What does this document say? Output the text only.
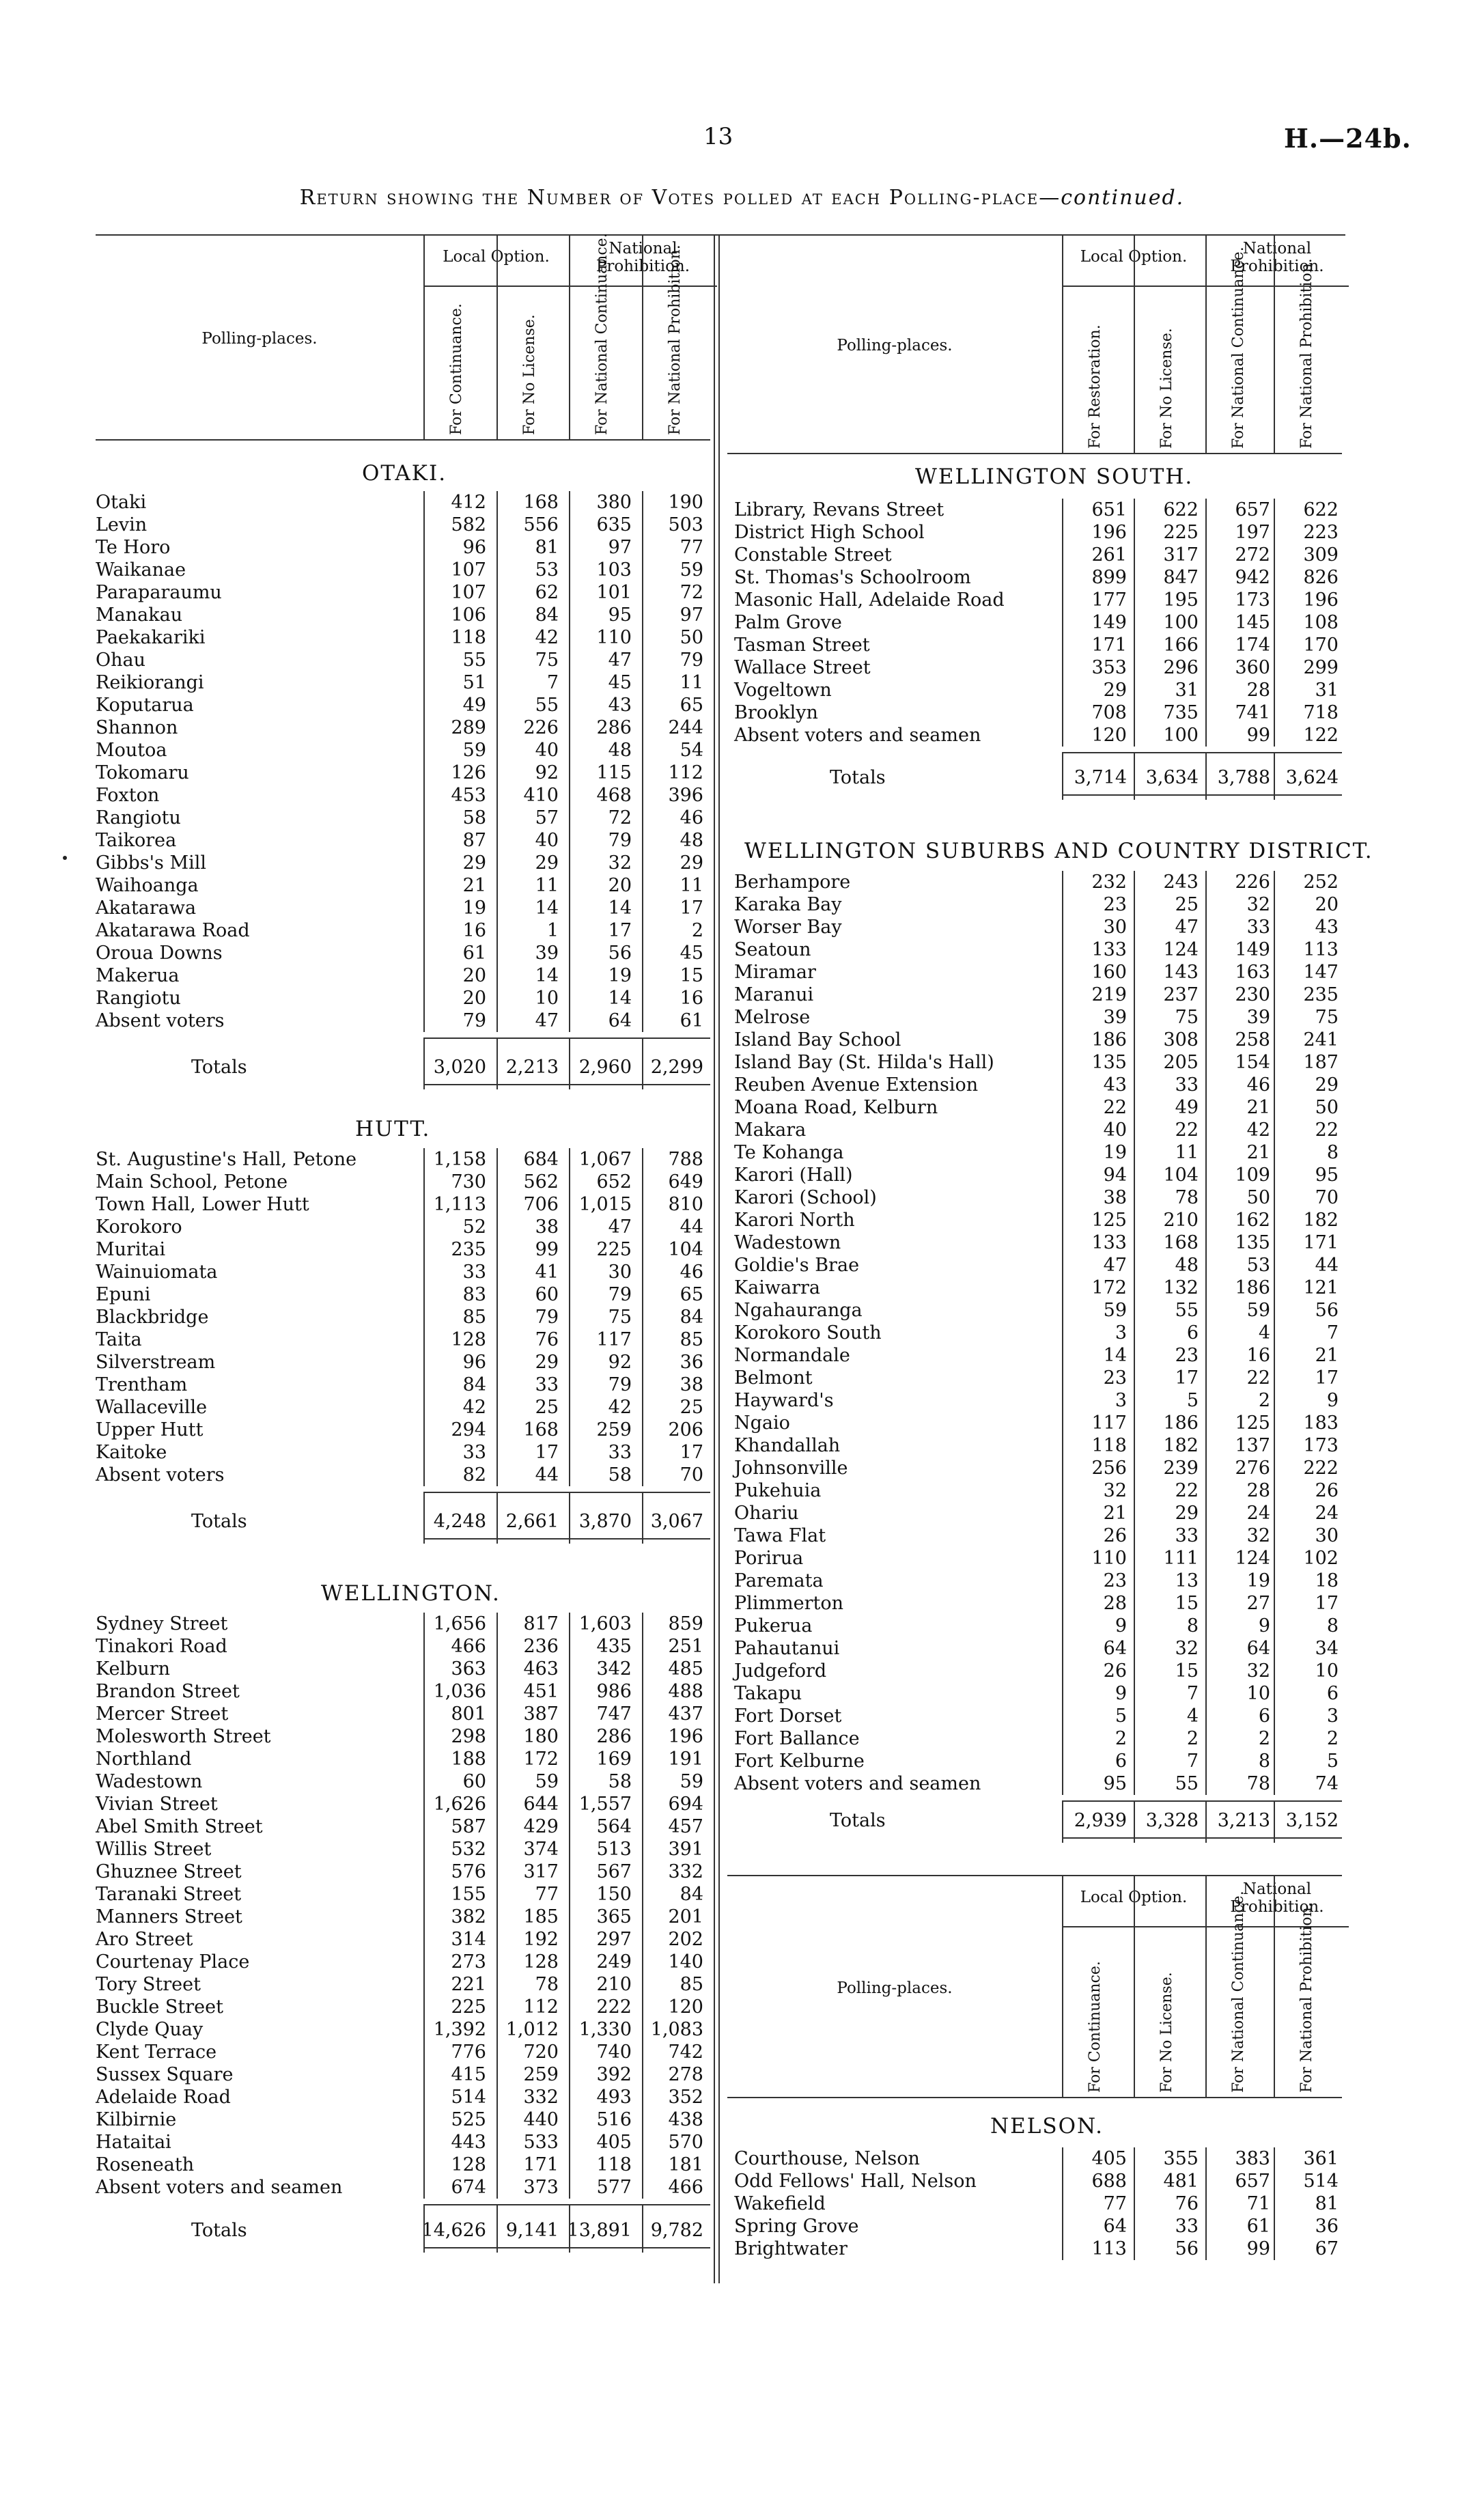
13	H.—24b.
Return showing the Number of Votes polled at each Polling-place—continued.
Local Option.	National Prohibition.
Polling-places.	For Continuance.	For No License.	For National Continuance.	For National Prohibition.
OTAKI.
Otaki	412	168	380	190
Levin	582	556	635	503
Te Horo	96	81	97	77
Waikanae	107	53	103	59
Paraparaumu	107	62	101	72
Manakau	106	84	95	97
Paekakariki	118	42	110	50
Ohau	55	75	47	79
Reikiorangi	51	7	45	11
Koputarua	49	55	43	65
Shannon	289	226	286	244
Moutoa	59	40	48	54
Tokomaru	126	92	115	112
Foxton	453	410	468	396
Rangiotu	58	57	72	46
Taikorea	87	40	79	48
Gibbs's Mill	29	29	32	29
Waihoanga	21	11	20	11
Akatarawa	19	14	14	17
Akatarawa Road	16	1	17	2
Oroua Downs	61	39	56	45
Makerua	20	14	19	15
Rangiotu	20	10	14	16
Absent voters	79	47	64	61
Totals	3,020	2,213	2,960	2,299
HUTT.
St. Augustine's Hall, Petone	1,158	684	1,067	788
Main School, Petone	730	562	652	649
Town Hall, Lower Hutt	1,113	706	1,015	810
Korokoro	52	38	47	44
Muritai	235	99	225	104
Wainuiomata	33	41	30	46
Epuni	83	60	79	65
Blackbridge	85	79	75	84
Taita	128	76	117	85
Silverstream	96	29	92	36
Trentham	84	33	79	38
Wallaceville	42	25	42	25
Upper Hutt	294	168	259	206
Kaitoke	33	17	33	17
Absent voters	82	44	58	70
Totals	4,248	2,661	3,870	3,067
WELLINGTON.
Sydney Street	1,656	817	1,603	859
Tinakori Road	466	236	435	251
Kelburn	363	463	342	485
Brandon Street	1,036	451	986	488
Mercer Street	801	387	747	437
Molesworth Street	298	180	286	196
Northland	188	172	169	191
Wadestown	60	59	58	59
Vivian Street	1,626	644	1,557	694
Abel Smith Street	587	429	564	457
Willis Street	532	374	513	391
Ghuznee Street	576	317	567	332
Taranaki Street	155	77	150	84
Manners Street	382	185	365	201
Aro Street	314	192	297	202
Courtenay Place	273	128	249	140
Tory Street	221	78	210	85
Buckle Street	225	112	222	120
Clyde Quay	1,392	1,012	1,330	1,083
Kent Terrace	776	720	740	742
Sussex Square	415	259	392	278
Adelaide Road	514	332	493	352
Kilbirnie	525	440	516	438
Hataitai	443	533	405	570
Roseneath	128	171	118	181
Absent voters and seamen	674	373	577	466
Totals	14,626	9,141 13,891	9,782
Local Option.	National Prohibition.
Polling-places.	For Restoration.	For No License.	For National Continuance.	For National Prohibition.
WELLINGTON SOUTH.
Library, Revans Street	651	622	657	622
District High School	196	225	197	223
Constable Street	261	317	272	309
St. Thomas's Schoolroom	899	847	942	826
Masonic Hall, Adelaide Road	177	195	173	196
Palm Grove	149	100	145	108
Tasman Street	171	166	174	170
Wallace Street	353	296	360	299
Vogeltown	29	31	28	31
Brooklyn	708	735	741	718
Absent voters and seamen	120	100	99	122
Totals	3,714	3,634	3,788 3,624
WELLINGTON SUBURBS AND COUNTRY DISTRICT.
Berhampore	232	243	226	252
Karaka Bay	23	25	32	20
Worser Bay	30	47	33	43
Seatoun	133	124	149	113
Miramar	160	143	163	147
Maranui	219	237	230	235
Melrose	39	75	39	75
Island Bay School	186	308	258	241
Island Bay (St. Hilda's Hall)	135	205	154	187
Reuben Avenue Extension	43	33	46	29
Moana Road, Kelburn	22	49	21	50
Makara	40	22	42	22
Te Kohanga	19	11	21	8
Karori (Hall)	94	104	109	95
Karori (School)	38	78	50	70
Karori North	125	210	162	182
Wadestown	133	168	135	171
Goldie's Brae	47	48	53	44
Kaiwarra	172	132	186	121
Ngahauranga	59	55	59	56
Korokoro South	3	6	4	7
Normandale	14	23	16	21
Belmont	23	17	22	17
Hayward's	3	5	2	9
Ngaio	117	186	125	183
Khandallah	118	182	137	173
Johnsonville	256	239	276	222
Pukehuia	32	22	28	26
Ohariu	21	29	24	24
Tawa Flat	26	33	32	30
Porirua	110	111	124	102
Paremata	23	13	19	18
Plimmerton	28	15	27	17
Pukerua	9	8	9	8
Pahautanui	64	32	64	34
Judgeford	26	15	32	10
Takapu	9	7	10	6
Fort Dorset	5	4	6	3
Fort Ballance	2	2	2	2
Fort Kelburne	6	7	8	5
Absent voters and seamen	95	55	78	74
Totals	2,939	3,328	3,213 3,152
Local Option.	National Prohibition.
Polling-places.	For Continuance.	For No License.	For National Continuance.	For National Prohibition.
NELSON.
Courthouse, Nelson	405	355	383	361
Odd Fellows' Hall, Nelson	688	481	657	514
Wakefield	77	76	71	81
Spring Grove	64	33	61	36
Brightwater	113	56	99	67
